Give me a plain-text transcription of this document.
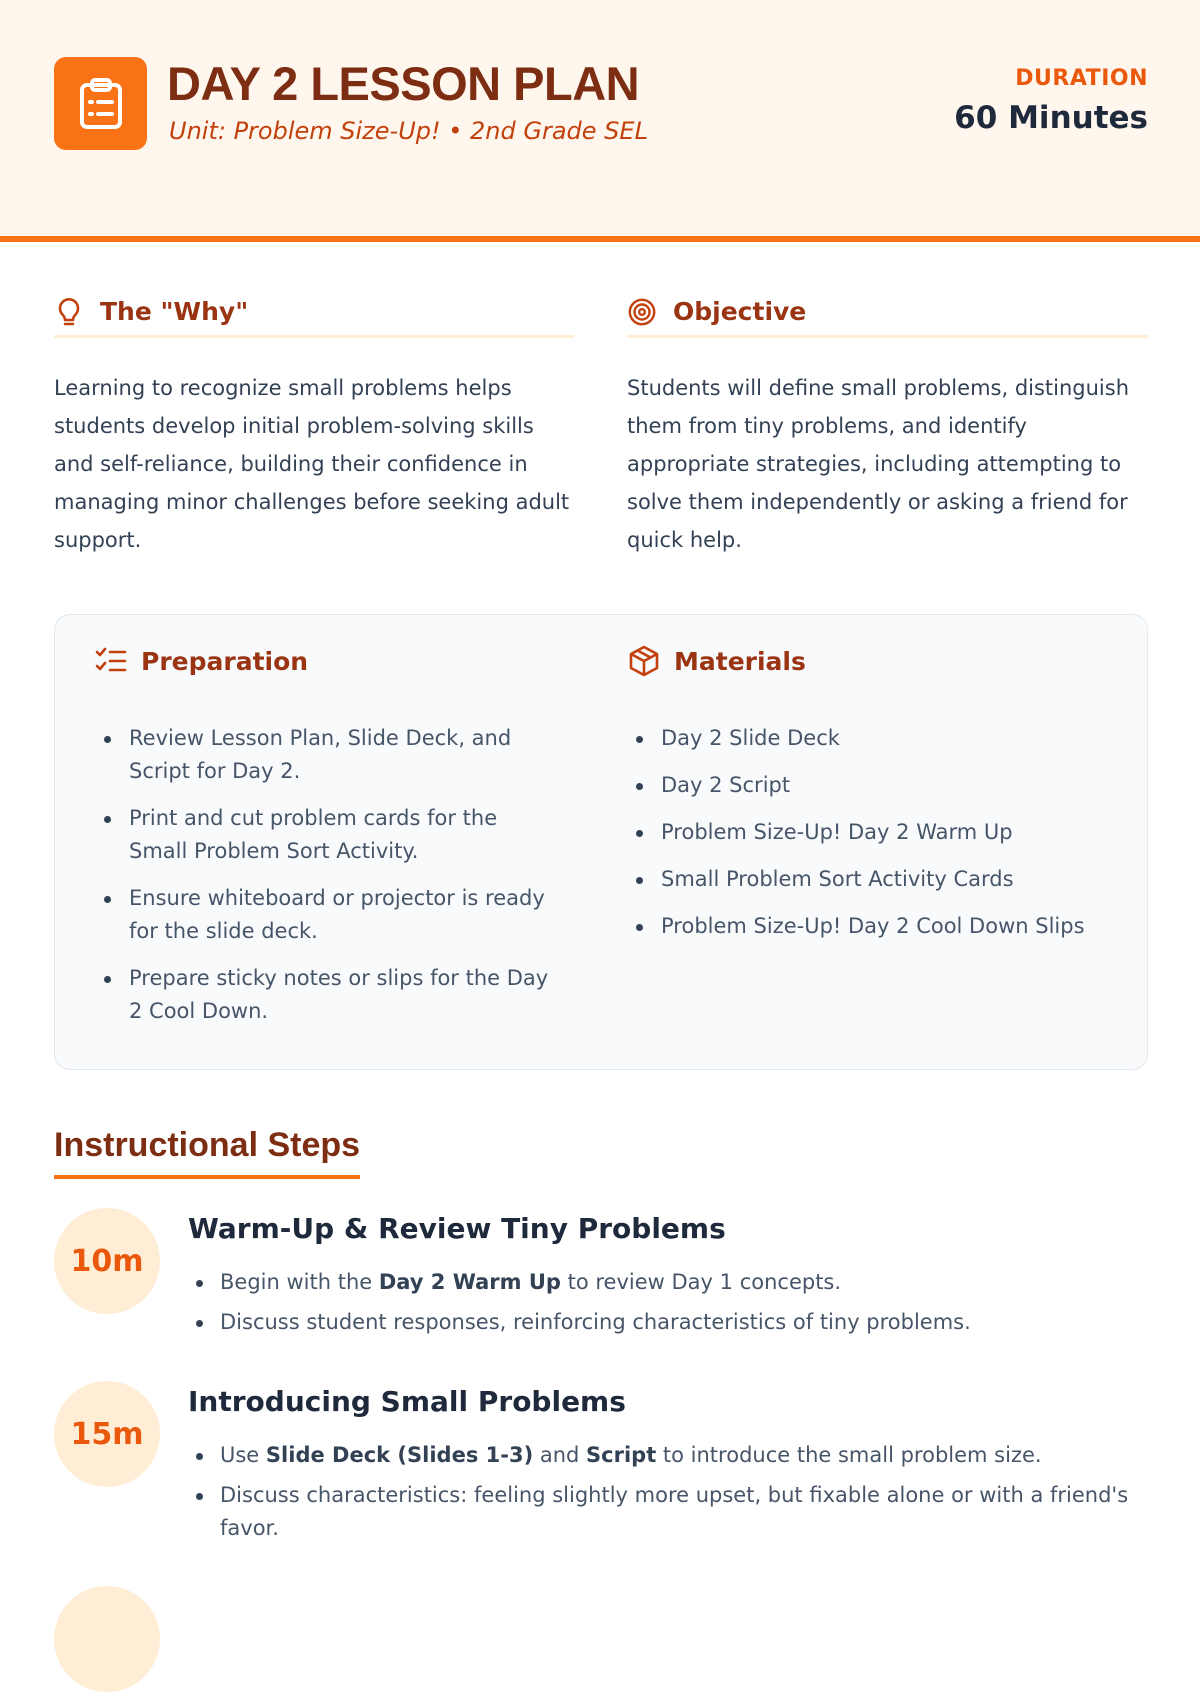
DAY 2 LESSON PLAN
Unit: Problem Size-Up! • 2nd Grade SEL
DURATION
60 Minutes
The "Why"

Learning to recognize small problems helps students develop initial problem-solving skills and self-reliance, building their confidence in managing minor challenges before seeking adult support.

Objective

Students will define small problems, distinguish them from tiny problems, and identify appropriate strategies, including attempting to solve them independently or asking a friend for quick help.

Preparation
Review Lesson Plan, Slide Deck, and Script for Day 2.
Print and cut problem cards for the Small Problem Sort Activity.
Ensure whiteboard or projector is ready for the slide deck.
Prepare sticky notes or slips for the Day 2 Cool Down.
Materials
Day 2 Slide Deck
Day 2 Script
Problem Size-Up! Day 2 Warm Up
Small Problem Sort Activity Cards
Problem Size-Up! Day 2 Cool Down Slips
Instructional Steps
10m
Warm-Up & Review Tiny Problems
Begin with the Day 2 Warm Up to review Day 1 concepts.
Discuss student responses, reinforcing characteristics of tiny problems.
15m
Introducing Small Problems
Use Slide Deck (Slides 1-3) and Script to introduce the small problem size.
Discuss characteristics: feeling slightly more upset, but fixable alone or with a friend's favor.
